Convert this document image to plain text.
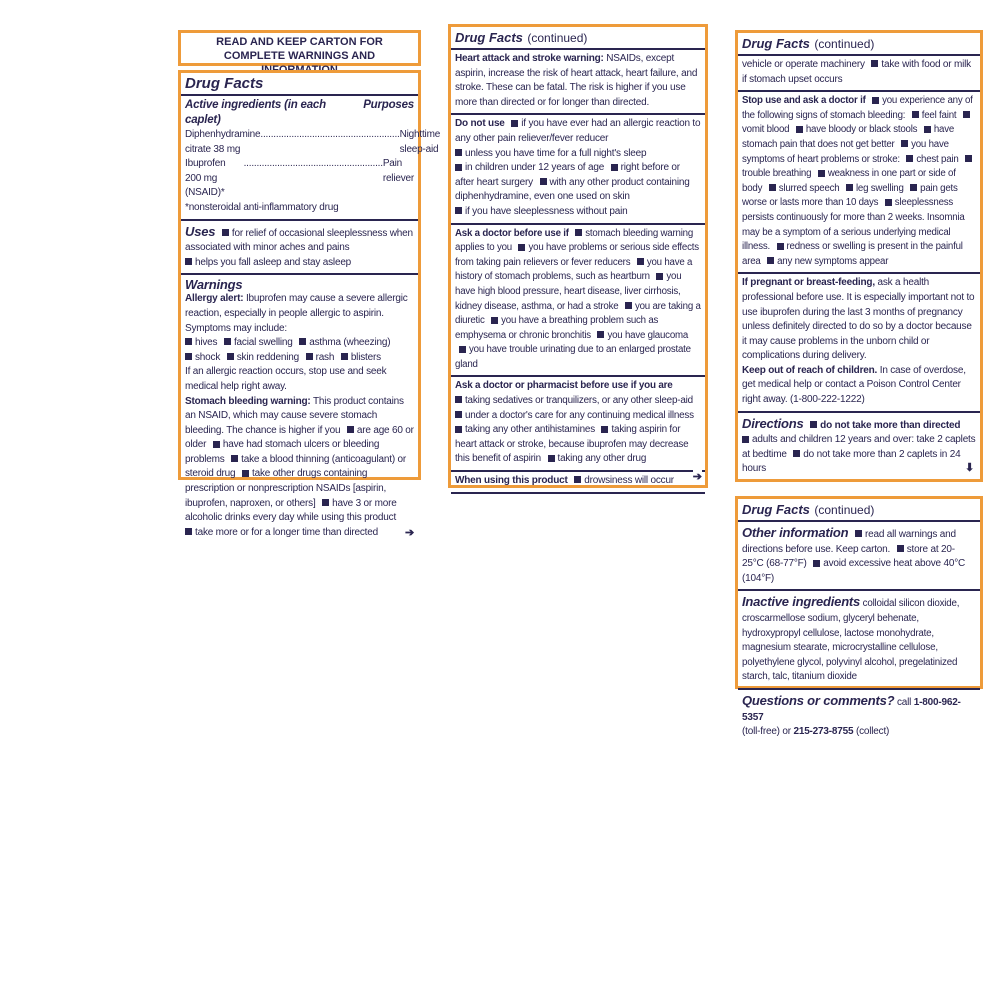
READ AND KEEP CARTON FOR COMPLETE WARNINGS AND
Drug Facts
Active ingredients (in each caplet)
Purposes
Diphenhydramine citrate 38 mg
...................................................... Nighttime sleep-aid
Ibuprofen 200 mg (NSAID)*
...................................................... Pain reliever
*nonsteroidal anti-inflammatory drug
Uses for relief of occasional sleeplessness when associated with minor aches and pains
helps you fall asleep and stay asleep
Warnings
Allergy alert: Ibuprofen may cause a severe allergic reaction, especially in people allergic to aspirin. Symptoms may include:
hives facial swelling asthma (wheezing)
shock skin reddening rash blisters
If an allergic reaction occurs, stop use and seek medical help right away.
Stomach bleeding warning: This product contains an NSAID, which may cause severe stomach bleeding. The chance is higher if you are age 60 or older have had stomach ulcers or bleeding problems take a blood thinning (anticoagulant) or steroid drug take other drugs containing prescription or nonprescription NSAIDs [aspirin, ibuprofen, naproxen, or others] have 3 or more alcoholic drinks every day while using this product
take more or for a longer time than directed ➔
Drug Facts (continued)
Heart attack and stroke warning: NSAIDs, except aspirin, increase the risk of heart attack, heart failure, and stroke. These can be fatal. The risk is higher if you use more than directed or for longer than directed.
Do not use if you have ever had an allergic reaction to any other pain reliever/fever reducer
unless you have time for a full night's sleep
in children under 12 years of age right before or after heart surgery with any other product containing diphenhydramine, even one used on skin
if you have sleeplessness without pain
Ask a doctor before use if stomach bleeding warning applies to you you have problems or serious side effects from taking pain relievers or fever reducers you have a history of stomach problems, such as heartburn you have high blood pressure, heart disease, liver cirrhosis, kidney disease, asthma, or had a stroke you are taking a diuretic you have a breathing problem such as emphysema or chronic bronchitis you have glaucoma you have trouble urinating due to an enlarged prostate gland
Ask a doctor or pharmacist before use if you are
taking sedatives or tranquilizers, or any other sleep-aid
under a doctor's care for any continuing medical illness
taking any other antihistamines taking aspirin for heart attack or stroke, because ibuprofen may decrease this benefit of aspirin taking any other drug
When using this product drowsiness will occur	➔
Drug Facts (continued)
vehicle or operate machinery take with food or milk if stomach upset occurs
Stop use and ask a doctor if you experience any of the following signs of stomach bleeding: feel faint vomit blood have bloody or black stools have stomach pain that does not get better you have symptoms of heart problems or stroke: chest pain trouble breathing weakness in one part or side of body slurred speech leg swelling pain gets worse or lasts more than 10 days sleeplessness persists continuously for more than 2 weeks. Insomnia may be a symptom of a serious underlying medical illness. redness or swelling is present in the painful area any new symptoms appear
If pregnant or breast-feeding, ask a health professional before use. It is especially important not to use ibuprofen during the last 3 months of pregnancy unless definitely directed to do so by a doctor because it may cause problems in the unborn child or complications during delivery.
Keep out of reach of children. In case of overdose, get medical help or contact a Poison Control Center right away. (1-800-222-1222)
Directions do not take more than directed
adults and children 12 years and over: take 2 caplets at bedtime do not take more than 2 caplets in 24 hours	⬇
Drug Facts (continued)
Other information read all warnings and directions before use. Keep carton. store at 20-25°C (68-77°F) avoid excessive heat above 40°C (104°F)
Inactive ingredients colloidal silicon dioxide, croscarmellose sodium, glyceryl behenate, hydroxypropyl cellulose, lactose monohydrate, magnesium stearate, microcrystalline cellulose, polyethylene glycol, polyvinyl alcohol, pregelatinized starch, talc, titanium dioxide
Questions or comments? call 1-800-962-5357
(toll-free) or 215-273-8755 (collect)
